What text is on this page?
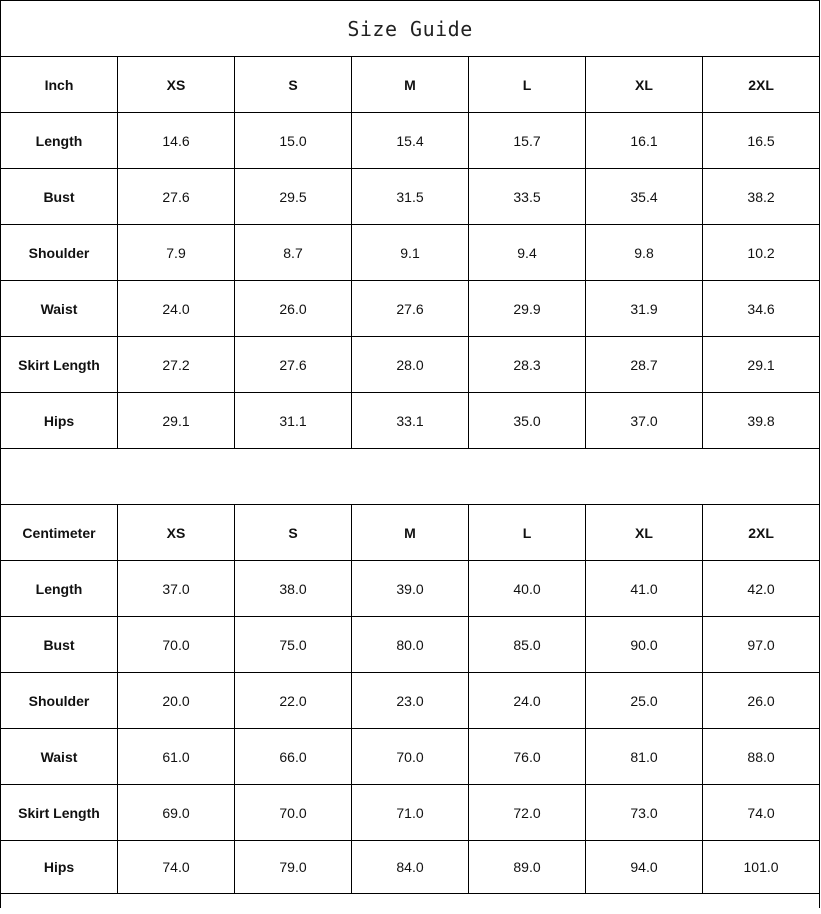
Size Guide						
Inch	XS	S	M	L	XL	2XL
Length	14.6	15.0	15.4	15.7	16.1	16.5
Bust	27.6	29.5	31.5	33.5	35.4	38.2
Shoulder	7.9	8.7	9.1	9.4	9.8	10.2
Waist	24.0	26.0	27.6	29.9	31.9	34.6
Skirt Length	27.2	27.6	28.0	28.3	28.7	29.1
Hips	29.1	31.1	33.1	35.0	37.0	39.8

Centimeter	XS	S	M	L	XL	2XL
Length	37.0	38.0	39.0	40.0	41.0	42.0
Bust	70.0	75.0	80.0	85.0	90.0	97.0
Shoulder	20.0	22.0	23.0	24.0	25.0	26.0
Waist	61.0	66.0	70.0	76.0	81.0	88.0
Skirt Length	69.0	70.0	71.0	72.0	73.0	74.0
Hips	74.0	79.0	84.0	89.0	94.0	101.0
